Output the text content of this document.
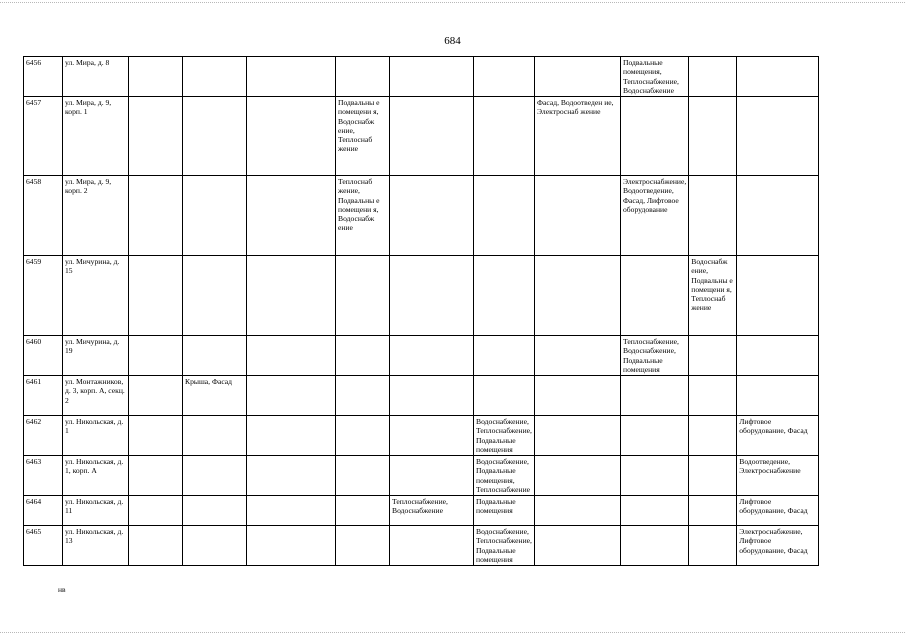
684
6456	ул. Мира, д. 8								Подвальные помещения, Теплоснабжение, Водоснабжение		
6457	ул. Мира, д. 9, корп. 1				Подвальны е помещени я, Водоснабж ение, Теплоснаб жение			Фасад, Водоотведен ие, Электроснаб жение			
6458	ул. Мира, д. 9, корп. 2				Теплоснаб жение, Подвальны е помещени я, Водоснабж ение				Электроснабжение, Водоотведение, Фасад, Лифтовое оборудование		
6459	ул. Мичурина, д. 15									Водоснабж ение, Подвальны е помещени я, Теплоснаб жение	
6460	ул. Мичурина, д. 19								Теплоснабжение, Водоснабжение, Подвальные помещения		
6461	ул. Монтажников, д. 3, корп. А, секц. 2		Крыша, Фасад								
6462	ул. Никольская, д. 1						Водоснабжение, Теплоснабжение, Подвальные помещения				Лифтовое оборудование, Фасад
6463	ул. Никольская, д. 1, корп. А						Водоснабжение, Подвальные помещения, Теплоснабжение				Водоотведение, Электроснабжение
6464	ул. Никольская, д. 11					Теплоснабжение, Водоснабжение	Подвальные помещения				Лифтовое оборудование, Фасад
6465	ул. Никольская, д. 13						Водоснабжение, Теплоснабжение, Подвальные помещения				Электроснабжение, Лифтовое оборудование, Фасад
нв
